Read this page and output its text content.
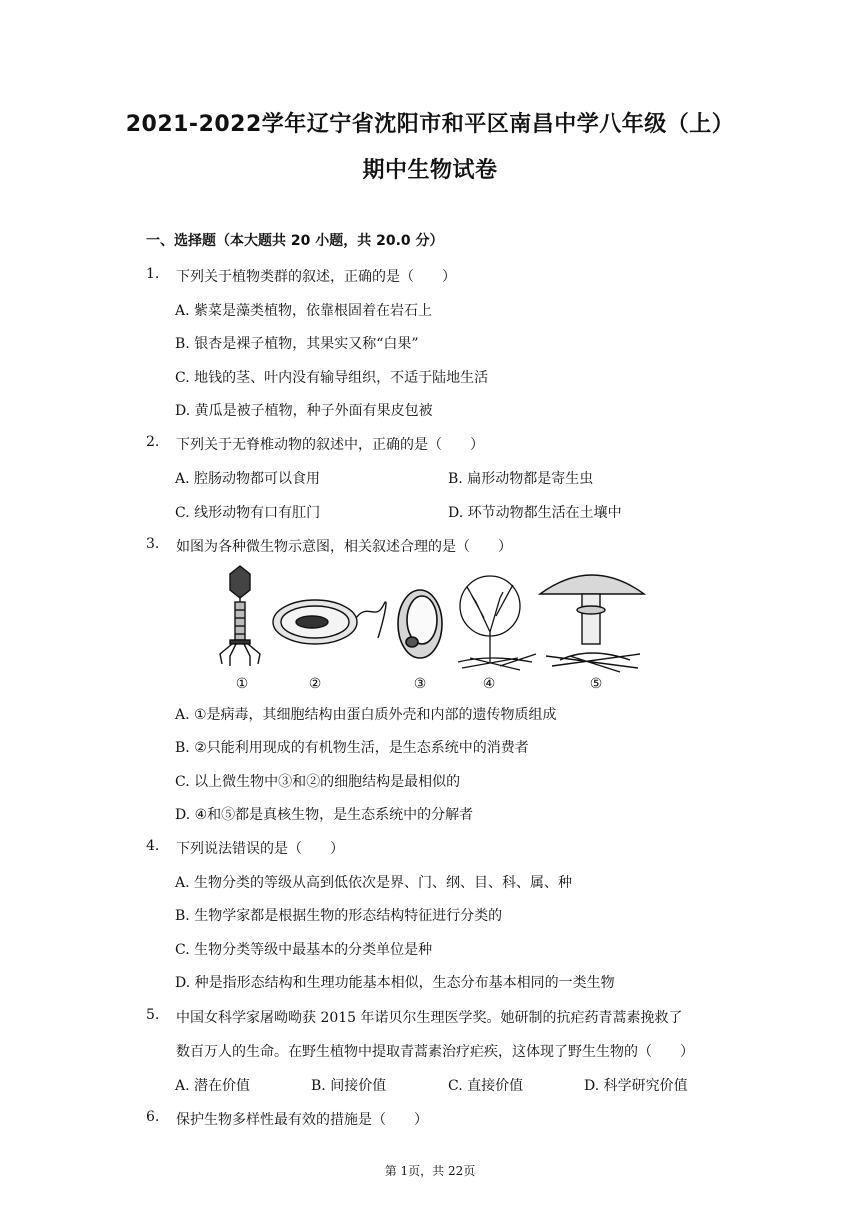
2021-2022学年辽宁省沈阳市和平区南昌中学八年级（上）
期中生物试卷
一、选择题（本大题共 20 小题，共 20.0 分）
1. 下列关于植物类群的叙述，正确的是（　　）
A. 紫菜是藻类植物，依靠根固着在岩石上
B. 银杏是裸子植物，其果实又称“白果”
C. 地钱的茎、叶内没有输导组织，不适于陆地生活
D. 黄瓜是被子植物，种子外面有果皮包被
2. 下列关于无脊椎动物的叙述中，正确的是（　　）
A. 腔肠动物都可以食用	B. 扁形动物都是寄生虫
C. 线形动物有口有肛门	D. 环节动物都生活在土壤中
3. 如图为各种微生物示意图，相关叙述合理的是（　　）
①	②	③	④	⑤
A. ①是病毒，其细胞结构由蛋白质外壳和内部的遗传物质组成
B. ②只能利用现成的有机物生活，是生态系统中的消费者
C. 以上微生物中③和②的细胞结构是最相似的
D. ④和⑤都是真核生物，是生态系统中的分解者
4. 下列说法错误的是（　　）
A. 生物分类的等级从高到低依次是界、门、纲、目、科、属、种
B. 生物学家都是根据生物的形态结构特征进行分类的
C. 生物分类等级中最基本的分类单位是种
D. 种是指形态结构和生理功能基本相似，生态分布基本相同的一类生物
5. 中国女科学家屠呦呦获 2015 年诺贝尔生理医学奖。她研制的抗疟药青蒿素挽救了
数百万人的生命。在野生植物中提取青蒿素治疗疟疾，这体现了野生生物的（　　）
A. 潜在价值	B. 间接价值	C. 直接价值	D. 科学研究价值
6. 保护生物多样性最有效的措施是（　　）
第 1页，共 22页
